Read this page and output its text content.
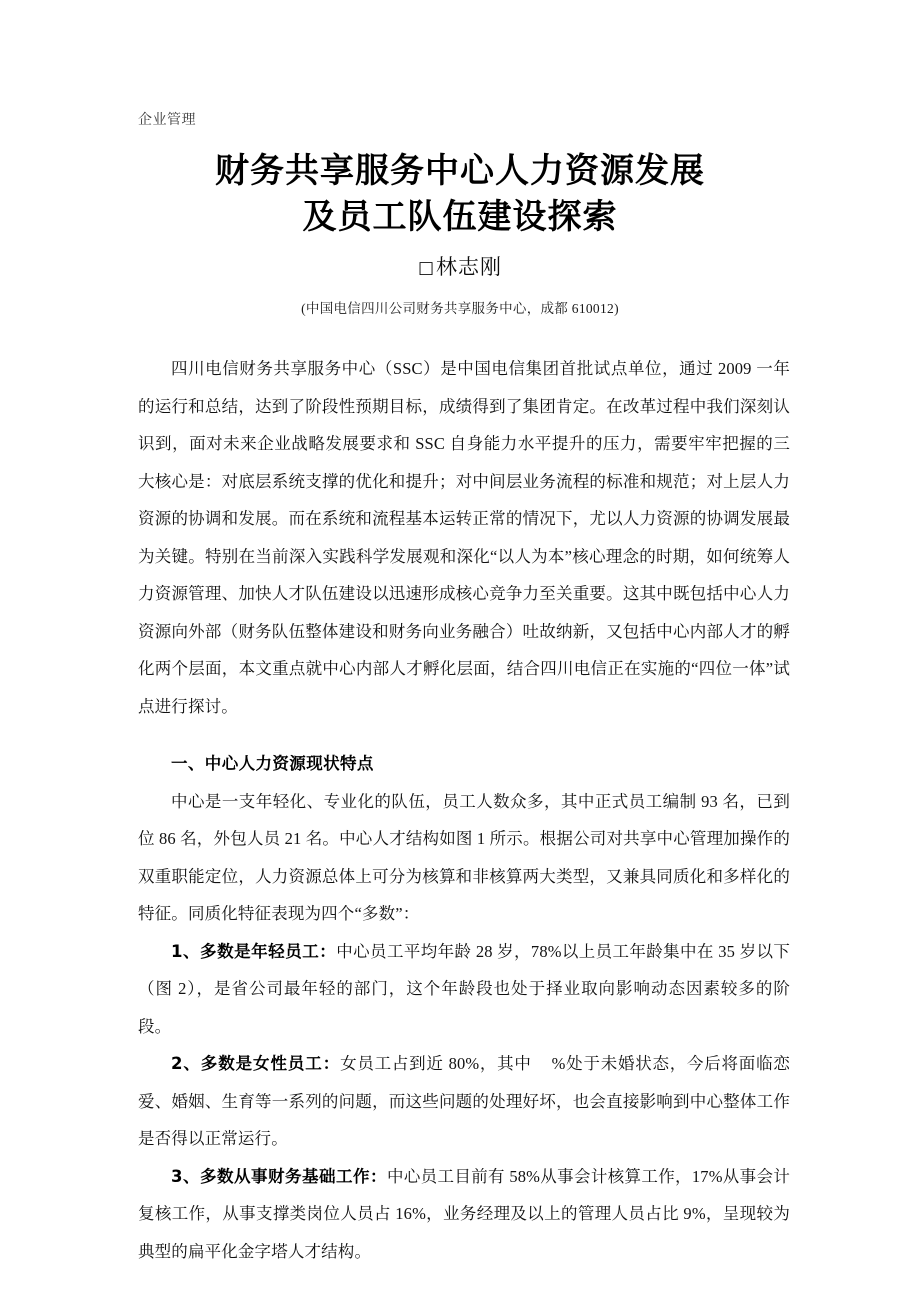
企业管理
财务共享服务中心人力资源发展
及员工队伍建设探索
□林志刚
(中国电信四川公司财务共享服务中心，成都 610012)

四川电信财务共享服务中心（SSC）是中国电信集团首批试点单位，通过 2009 一年的运行和总结，达到了阶段性预期目标，成绩得到了集团肯定。在改革过程中我们深刻认识到，面对未来企业战略发展要求和 SSC 自身能力水平提升的压力，需要牢牢把握的三大核心是：对底层系统支撑的优化和提升；对中间层业务流程的标准和规范；对上层人力资源的协调和发展。而在系统和流程基本运转正常的情况下，尤以人力资源的协调发展最为关键。特别在当前深入实践科学发展观和深化“以人为本”核心理念的时期，如何统筹人力资源管理、加快人才队伍建设以迅速形成核心竞争力至关重要。这其中既包括中心人力资源向外部（财务队伍整体建设和财务向业务融合）吐故纳新，又包括中心内部人才的孵化两个层面，本文重点就中心内部人才孵化层面，结合四川电信正在实施的“四位一体”试点进行探讨。

一、中心人力资源现状特点

中心是一支年轻化、专业化的队伍，员工人数众多，其中正式员工编制 93 名，已到位 86 名，外包人员 21 名。中心人才结构如图 1 所示。根据公司对共享中心管理加操作的双重职能定位，人力资源总体上可分为核算和非核算两大类型，又兼具同质化和多样化的特征。同质化特征表现为四个“多数”：

1、多数是年轻员工：中心员工平均年龄 28 岁，78%以上员工年龄集中在 35 岁以下（图 2），是省公司最年轻的部门，这个年龄段也处于择业取向影响动态因素较多的阶段。

2、多数是女性员工：女员工占到近 80%，其中 %处于未婚状态，今后将面临恋爱、婚姻、生育等一系列的问题，而这些问题的处理好坏，也会直接影响到中心整体工作是否得以正常运行。

3、多数从事财务基础工作：中心员工目前有 58%从事会计核算工作，17%从事会计复核工作，从事支撑类岗位人员占 16%，业务经理及以上的管理人员占比 9%，呈现较为典型的扁平化金字塔人才结构。
